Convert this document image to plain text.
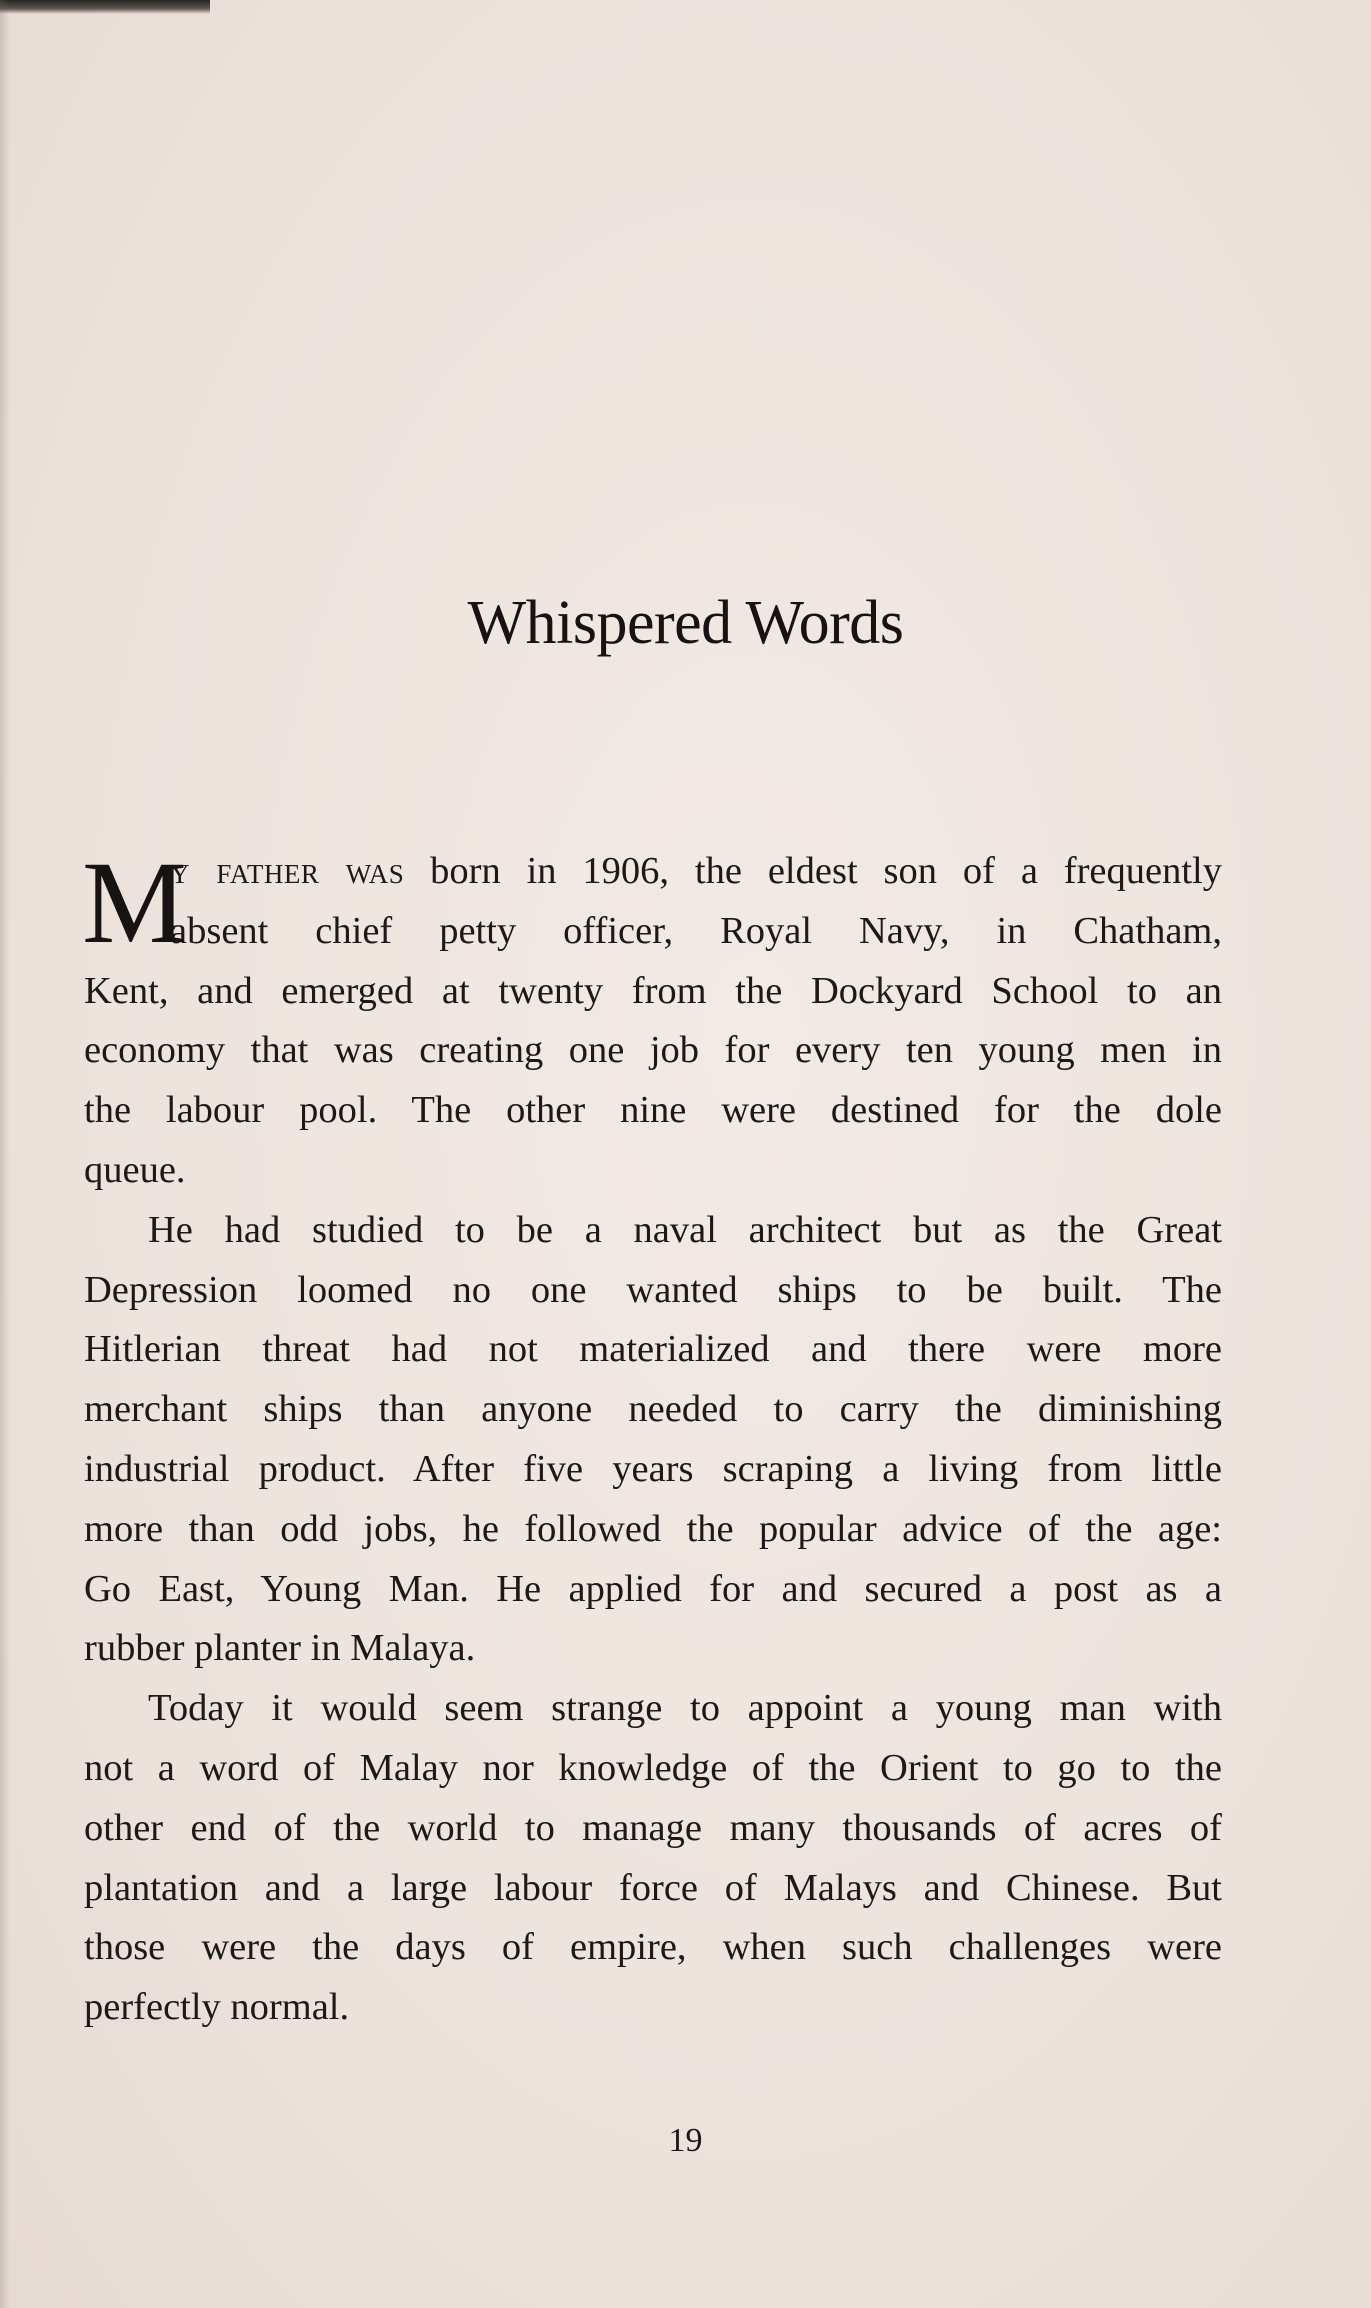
Whispered Words
M
y father was born in 1906, the eldest son of a frequently
absent chief petty officer, Royal Navy, in Chatham,
Kent, and emerged at twenty from the Dockyard School to an
economy that was creating one job for every ten young men in
the labour pool. The other nine were destined for the dole
queue.
He had studied to be a naval architect but as the Great
Depression loomed no one wanted ships to be built. The
Hitlerian threat had not materialized and there were more
merchant ships than anyone needed to carry the diminishing
industrial product. After five years scraping a living from little
more than odd jobs, he followed the popular advice of the age:
Go East, Young Man. He applied for and secured a post as a
rubber planter in Malaya.
Today it would seem strange to appoint a young man with
not a word of Malay nor knowledge of the Orient to go to the
other end of the world to manage many thousands of acres of
plantation and a large labour force of Malays and Chinese. But
those were the days of empire, when such challenges were
perfectly normal.
19
